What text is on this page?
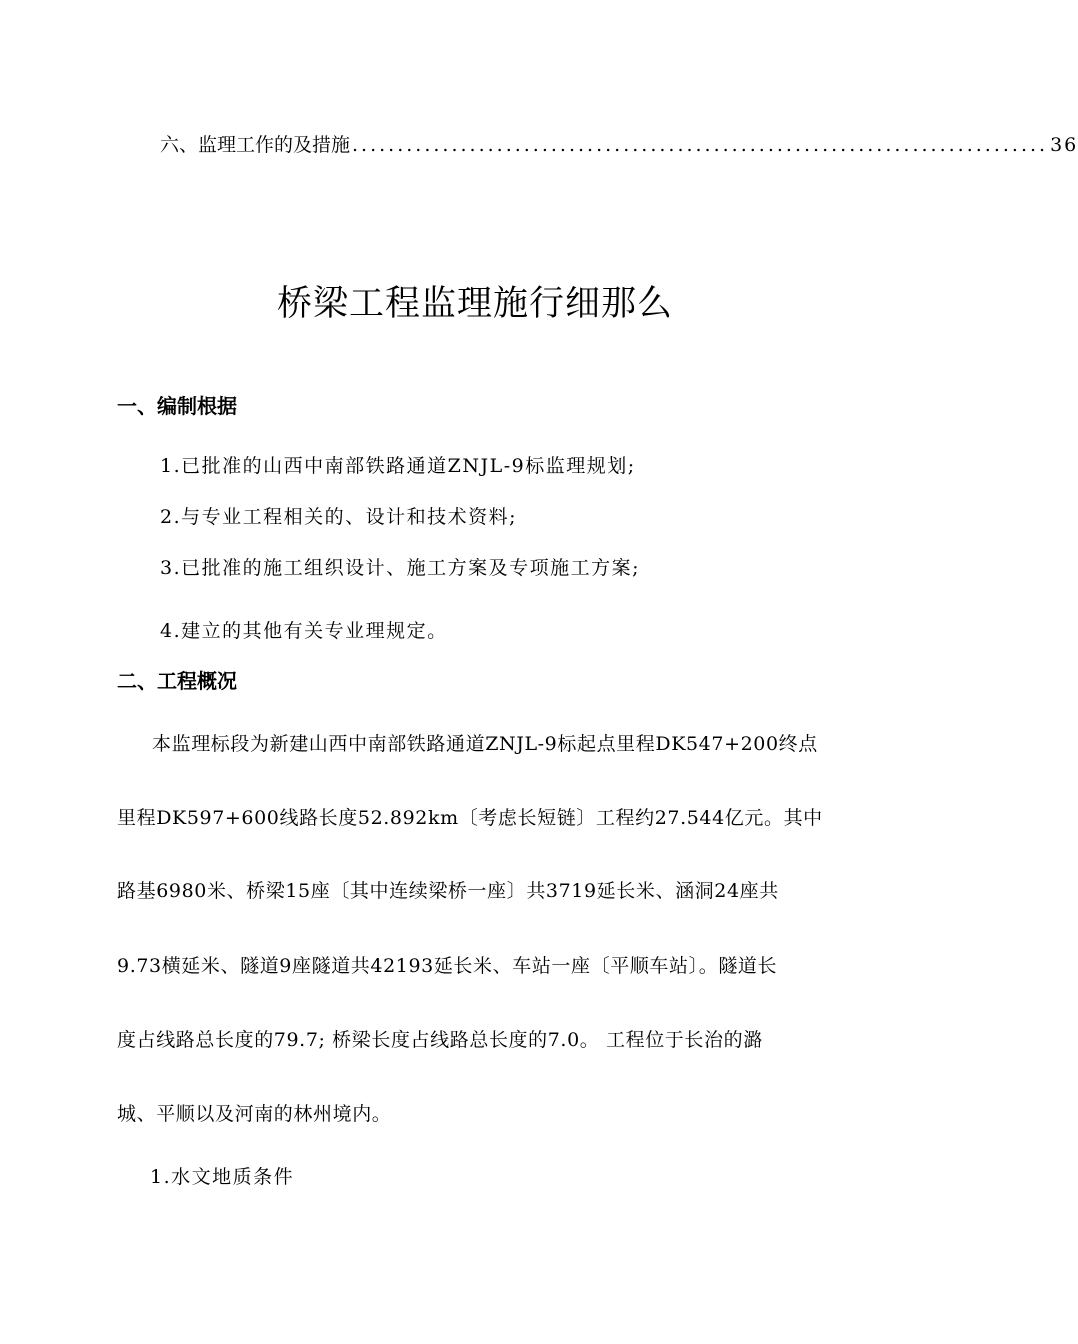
六、监理工作的及措施 ............................................................................. 36
桥梁工程监理施行细那么
一、编制根据
1.已批准的山西中南部铁路通道ZNJL-9标监理规划;
2.与专业工程相关的、设计和技术资料;
3.已批准的施工组织设计、施工方案及专项施工方案;
4.建立的其他有关专业理规定。
二、工程概况
本监理标段为新建山西中南部铁路通道ZNJL-9标起点里程DK547+200终点
里程DK597+600线路长度52.892km〔考虑长短链〕工程约27.544亿元。其中
路基6980米、桥梁15座〔其中连续梁桥一座〕共3719延长米、涵洞24座共
9.73横延米、隧道9座隧道共42193延长米、车站一座〔平顺车站〕。隧道长
度占线路总长度的79.7; 桥梁长度占线路总长度的7.0。 工程位于长治的潞
城、平顺以及河南的林州境内。
1.水文地质条件
